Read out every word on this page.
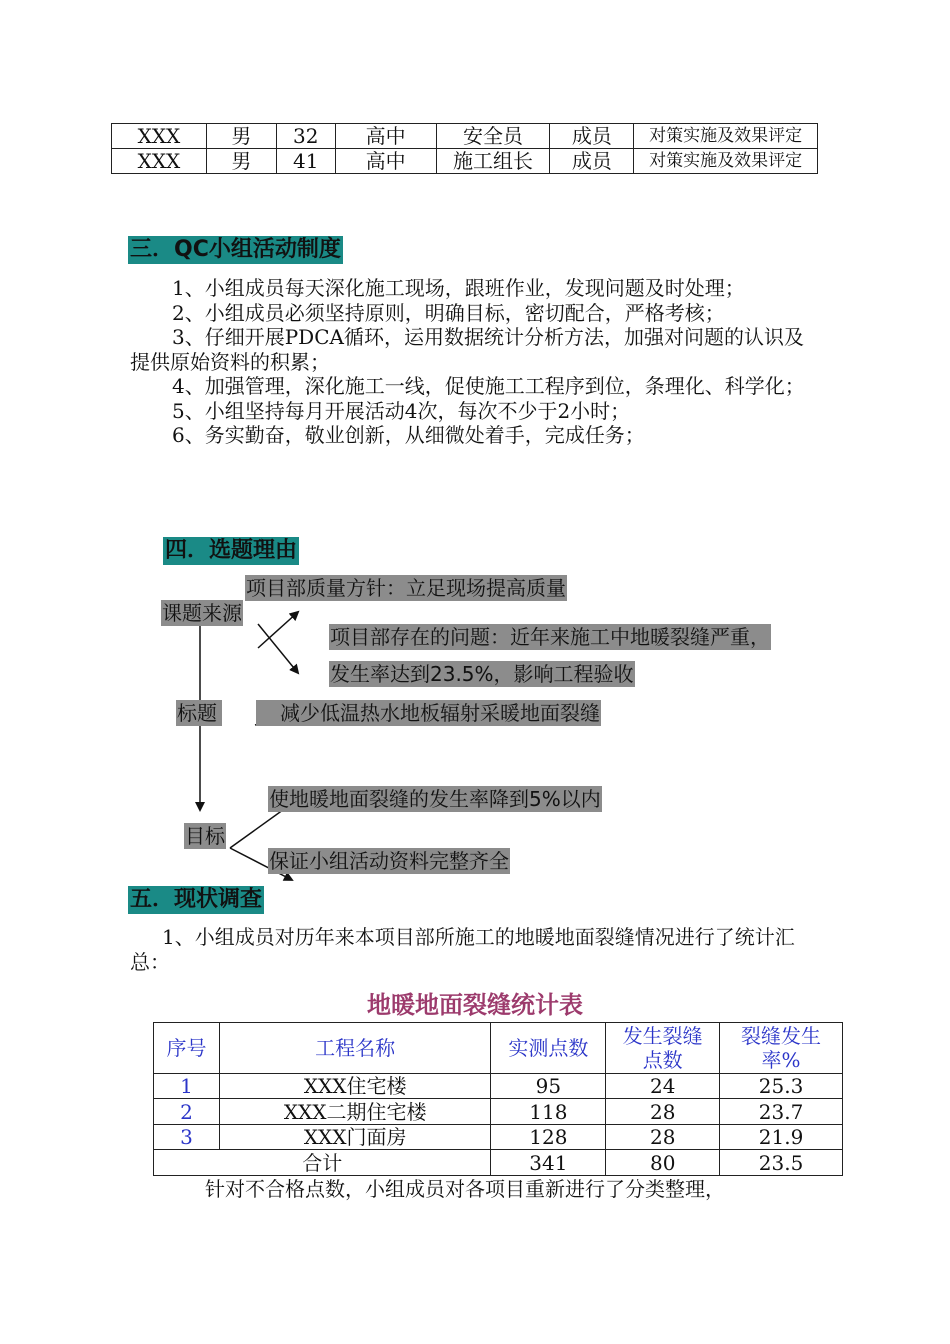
XXX	男	32	高中	安全员	成员	对策实施及效果评定
XXX	男	41	高中	施工组长	成员	对策实施及效果评定
三．QC小组活动制度

1、小组成员每天深化施工现场，跟班作业，发现问题及时处理；

2、小组成员必须坚持原则，明确目标，密切配合，严格考核；

3、仔细开展PDCA循环，运用数据统计分析方法，加强对问题的认识及提供原始资料的积累；

4、加强管理，深化施工一线，促使施工工程序到位，条理化、科学化；

5、小组坚持每月开展活动4次，每次不少于2小时；

6、务实勤奋，敬业创新，从细微处着手，完成任务；

四．选题理由
项目部质量方针：立足现场提高质量
课题来源
项目部存在的问题：近年来施工中地暖裂缝严重，
发生率达到23.5%，影响工程验收
标题	减少低温热水地板辐射采暖地面裂缝
使地暖地面裂缝的发生率降到5%以内
目标
保证小组活动资料完整齐全
五．现状调查

1、小组成员对历年来本项目部所施工的地暖地面裂缝情况进行了统计汇总：

地暖地面裂缝统计表
序号	工程名称	实测点数	发生裂缝点数	裂缝发生率%
1	XXX住宅楼	95	24	25.3
2	XXX二期住宅楼	118	28	23.7
3	XXX门面房	128	28	21.9
合计		341	80	23.5
针对不合格点数，小组成员对各项目重新进行了分类整理，
